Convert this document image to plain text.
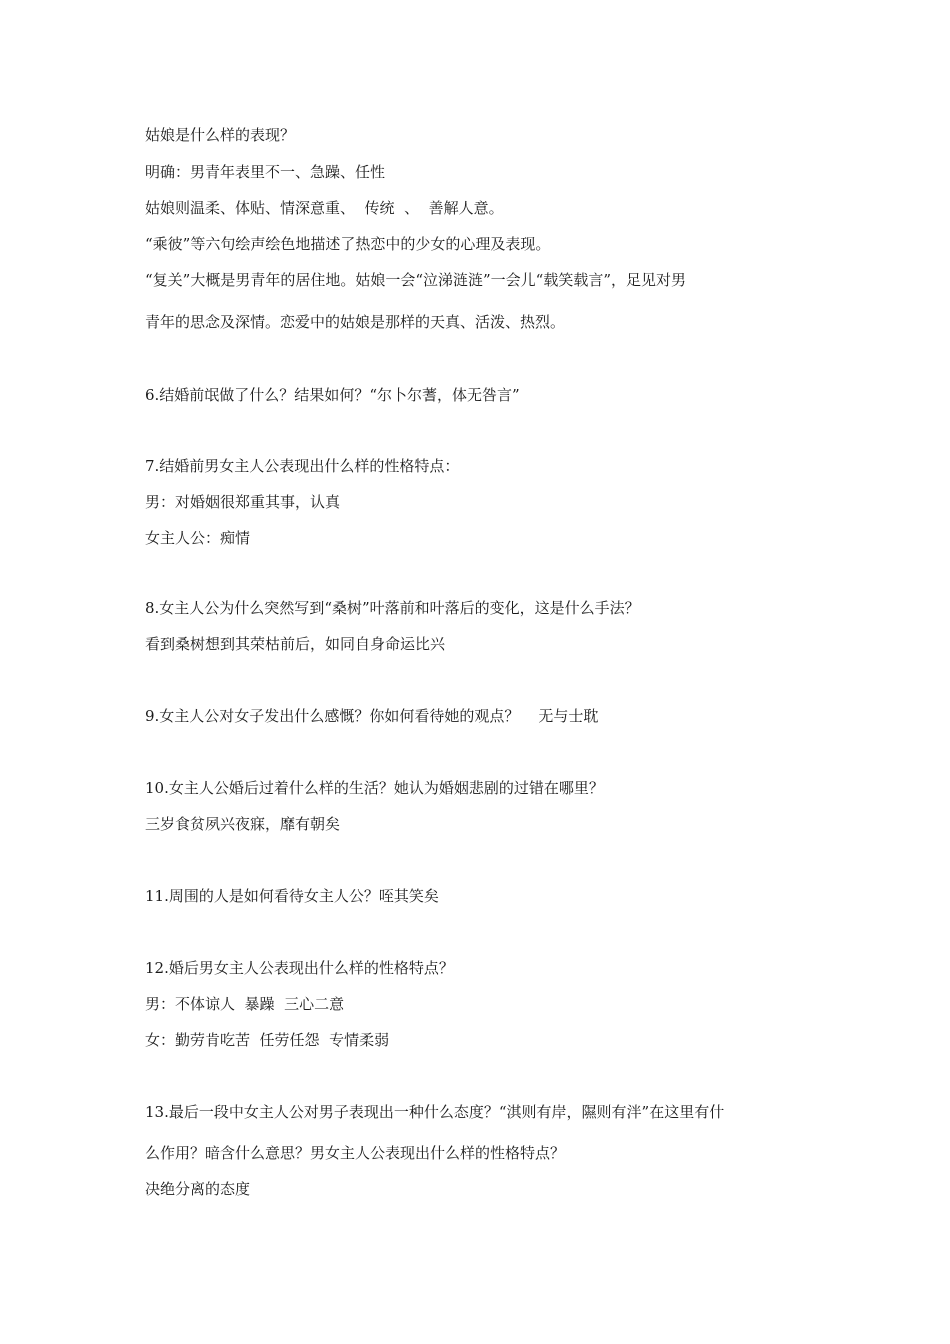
姑娘是什么样的表现？
明确：男青年表里不一、急躁、任性
姑娘则温柔、体贴、情深意重、  传统  、  善解人意。
“乘彼”等六句绘声绘色地描述了热恋中的少女的心理及表现。
“复关”大概是男青年的居住地。姑娘一会“泣涕涟涟”一会儿“载笑载言”，足见对男
青年的思念及深情。恋爱中的姑娘是那样的天真、活泼、热烈。
6.结婚前氓做了什么？结果如何？“尔卜尔蓍，体无咎言”
7.结婚前男女主人公表现出什么样的性格特点：
男：对婚姻很郑重其事，认真
女主人公：痴情
8.女主人公为什么突然写到“桑树”叶落前和叶落后的变化，这是什么手法？
看到桑树想到其荣枯前后，如同自身命运比兴
9.女主人公对女子发出什么感慨？你如何看待她的观点？    无与士耽
10.女主人公婚后过着什么样的生活？她认为婚姻悲剧的过错在哪里？
三岁食贫夙兴夜寐，靡有朝矣
11.周围的人是如何看待女主人公？咥其笑矣
12.婚后男女主人公表现出什么样的性格特点？
男：不体谅人  暴躁  三心二意
女：勤劳肯吃苦  任劳任怨  专情柔弱
13.最后一段中女主人公对男子表现出一种什么态度？“淇则有岸，隰则有泮”在这里有什
么作用？暗含什么意思？男女主人公表现出什么样的性格特点？
决绝分离的态度
